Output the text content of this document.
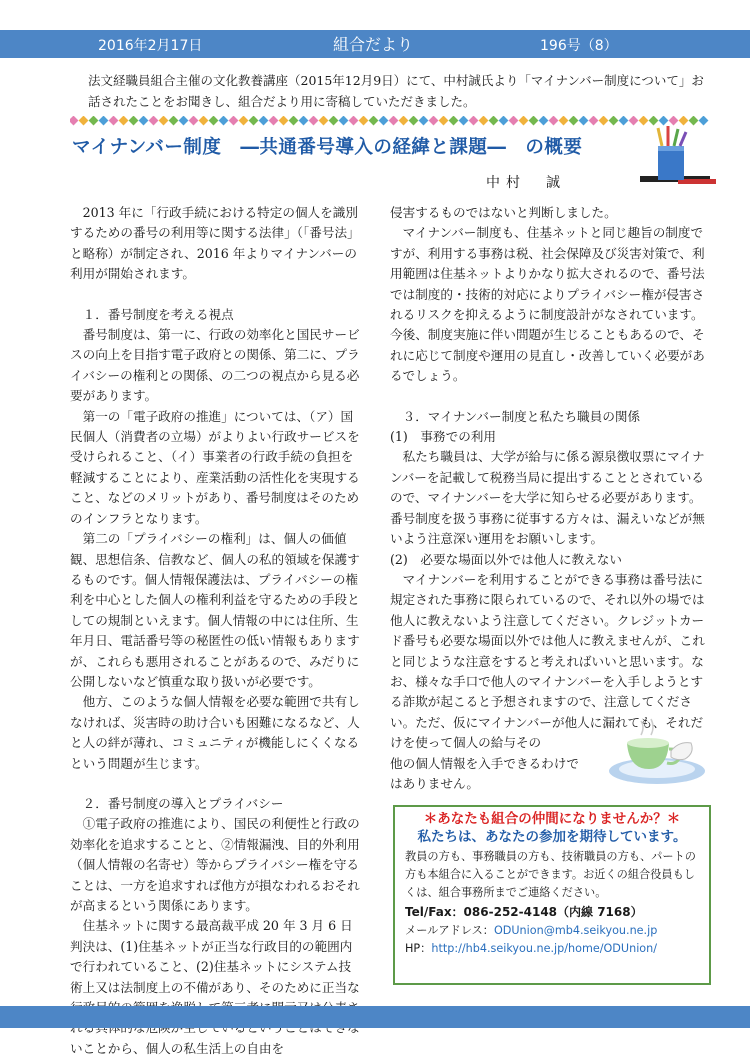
2016年2月17日	組合だより	196号（8）
法文経職員組合主催の文化教養講座（2015年12月9日）にて、中村誠氏より「マイナンバー制度について」お話されたことをお聞きし、組合だより用に寄稿していただきました。
マイナンバー制度　―共通番号導入の経緯と課題―　の概要
中村　誠

2013 年に「行政手続における特定の個人を識別するための番号の利用等に関する法律」（「番号法」と略称）が制定され、2016 年よりマイナンバーの利用が開始されます。

１．番号制度を考える視点

番号制度は、第一に、行政の効率化と国民サービスの向上を目指す電子政府との関係、第二に、プライバシーの権利との関係、の二つの視点から見る必要があります。

第一の「電子政府の推進」については、（ア）国民個人（消費者の立場）がよりよい行政サービスを受けられること、（イ）事業者の行政手続の負担を軽減することにより、産業活動の活性化を実現すること、などのメリットがあり、番号制度はそのためのインフラとなります。

第二の「プライバシーの権利」は、個人の価値観、思想信条、信教など、個人の私的領域を保護するものです。個人情報保護法は、プライバシーの権利を中心とした個人の権利利益を守るための手段としての規制といえます。個人情報の中には住所、生年月日、電話番号等の秘匿性の低い情報もありますが、これらも悪用されることがあるので、みだりに公開しないなど慎重な取り扱いが必要です。

他方、このような個人情報を必要な範囲で共有しなければ、災害時の助け合いも困難になるなど、人と人の絆が薄れ、コミュニティが機能しにくくなるという問題が生じます。

２．番号制度の導入とプライバシー

①電子政府の推進により、国民の利便性と行政の効率化を追求することと、②情報漏洩、目的外利用（個人情報の名寄せ）等からプライバシー権を守ることは、一方を追求すれば他方が損なわれるおそれが高まるという関係にあります。

住基ネットに関する最高裁平成 20 年 3 月 6 日判決は、(1)住基ネットが正当な行政目的の範囲内で行われていること、(2)住基ネットにシステム技術上又は法制度上の不備があり、そのために正当な いことから、個人の私生活上の自由を

侵害するものではないと判断しました。

マイナンバー制度も、住基ネットと同じ趣旨の制度ですが、利用する事務は税、社会保障及び災害対策で、利用範囲は住基ネットよりかなり拡大されるので、番号法では制度的・技術的対応によりプライバシー権が侵害されるリスクを抑えるように制度設計がなされています。今後、制度実施に伴い問題が生じることもあるので、それに応じて制度や運用の見直し・改善していく必要があるでしょう。

３．マイナンバー制度と私たち職員の関係

(1)　事務での利用

私たち職員は、大学が給与に係る源泉徴収票にマイナンバーを記載して税務当局に提出することとされているので、マイナンバーを大学に知らせる必要があります。番号制度を扱う事務に従事する方々は、漏えいなどが無いよう注意深い運用をお願いします。

(2)　必要な場面以外では他人に教えない

マイナンバーを利用することができる事務は番号法に規定された事務に限られているので、それ以外の場では他人に教えないよう注意してください。クレジットカード番号も必要な場面以外では他人に教えませんが、これと同じような注意をすると考えればいいと思います。なお、様々な手口で他人のマイナンバーを入手しようとする詐欺が起こると予想されますので、注意してください。ただ、仮にマイナンバーが他人に漏れても、それだけを使って個人の給与その

他の個人情報を入手できるわけで

はありません。

＊あなたも組合の仲間になりませんか？＊
私たちは、あなたの参加を期待しています。
教員の方も、事務職員の方も、技術職員の方も、パートの方も本組合に入ることができます。お近くの組合役員もしくは、組合事務所までご連絡ください。
Tel/Fax：086-252-4148（内線 7168）
メールアドレス：ODUnion@mb4.seikyou.ne.jp
HP：http://hb4.seikyou.ne.jp/home/ODUnion/
